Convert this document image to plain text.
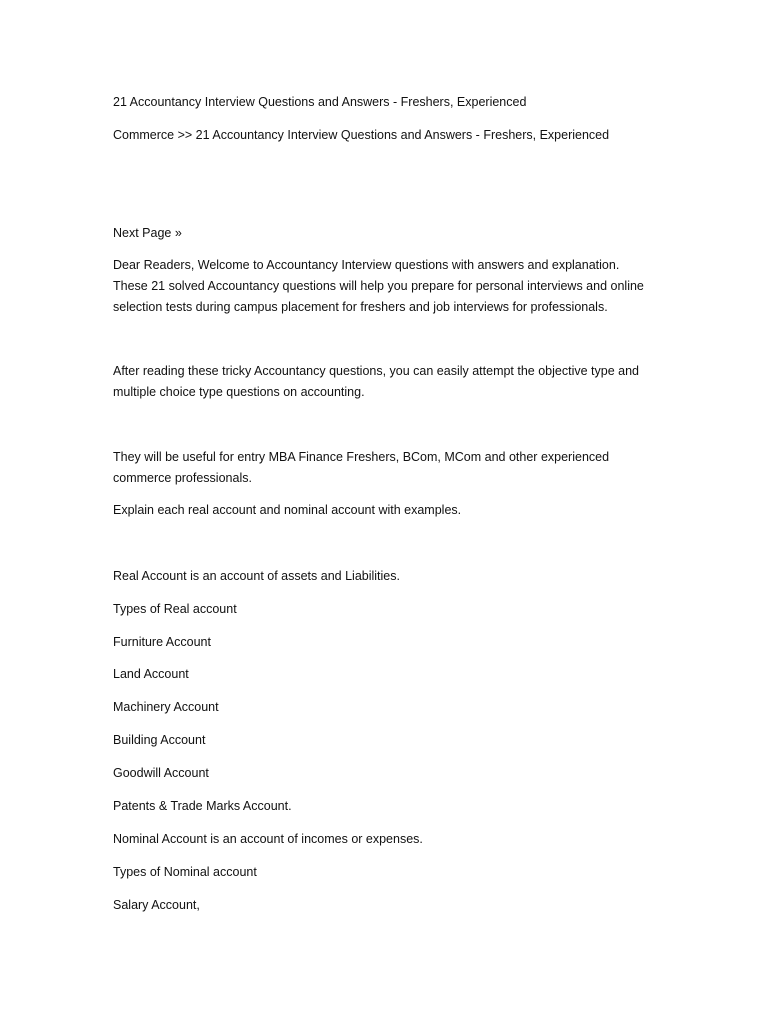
21 Accountancy Interview Questions and Answers - Freshers, Experienced
Commerce >> 21 Accountancy Interview Questions and Answers - Freshers, Experienced
Next Page »
Dear Readers, Welcome to Accountancy Interview questions with answers and explanation.
These 21 solved Accountancy questions will help you prepare for personal interviews and online
selection tests during campus placement for freshers and job interviews for professionals.
After reading these tricky Accountancy questions, you can easily attempt the objective type and
multiple choice type questions on accounting.
They will be useful for entry MBA Finance Freshers, BCom, MCom and other experienced
commerce professionals.
Explain each real account and nominal account with examples.
Real Account is an account of assets and Liabilities.
Types of Real account
Furniture Account
Land Account
Machinery Account
Building Account
Goodwill Account
Patents & Trade Marks Account.
Nominal Account is an account of incomes or expenses.
Types of Nominal account
Salary Account,
